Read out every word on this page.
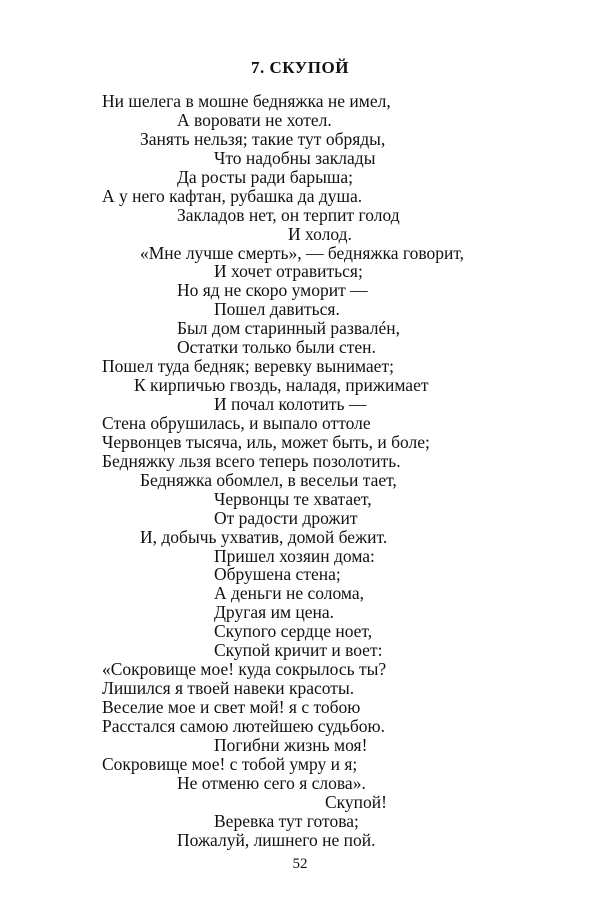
7. СКУПОЙ
Ни шелега в мошне бедняжка не имел,
А воровати не хотел.
Занять нельзя; такие тут обряды,
Что надобны заклады
Да росты ради барыша;
А у него кафтан, рубашка да душа.
Закладов нет, он терпит голод
И холод.
«Мне лучше смерть», — бедняжка говорит,
И хочет отравиться;
Но яд не скоро уморит —
Пошел давиться.
Был дом старинный развалéн,
Остатки только были стен.
Пошел туда бедняк; веревку вынимает;
К кирпичью гвоздь, наладя, прижимает
И почал колотить —
Стена обрушилась, и выпало оттоле
Червонцев тысяча, иль, может быть, и боле;
Бедняжку льзя всего теперь позолотить.
Бедняжка обомлел, в весельи тает,
Червонцы те хватает,
От радости дрожит
И, добычь ухватив, домой бежит.
Пришел хозяин дома:
Обрушена стена;
А деньги не солома,
Другая им цена.
Скупого сердце ноет,
Скупой кричит и воет:
«Сокровище мое! куда сокрылось ты?
Лишился я твоей навеки красоты.
Веселие мое и свет мой! я с тобою
Расстался самою лютейшею судьбою.
Погибни жизнь моя!
Сокровище мое! с тобой умру и я;
Не отменю сего я слова».
Скупой!
Веревка тут готова;
Пожалуй, лишнего не пой.
52
